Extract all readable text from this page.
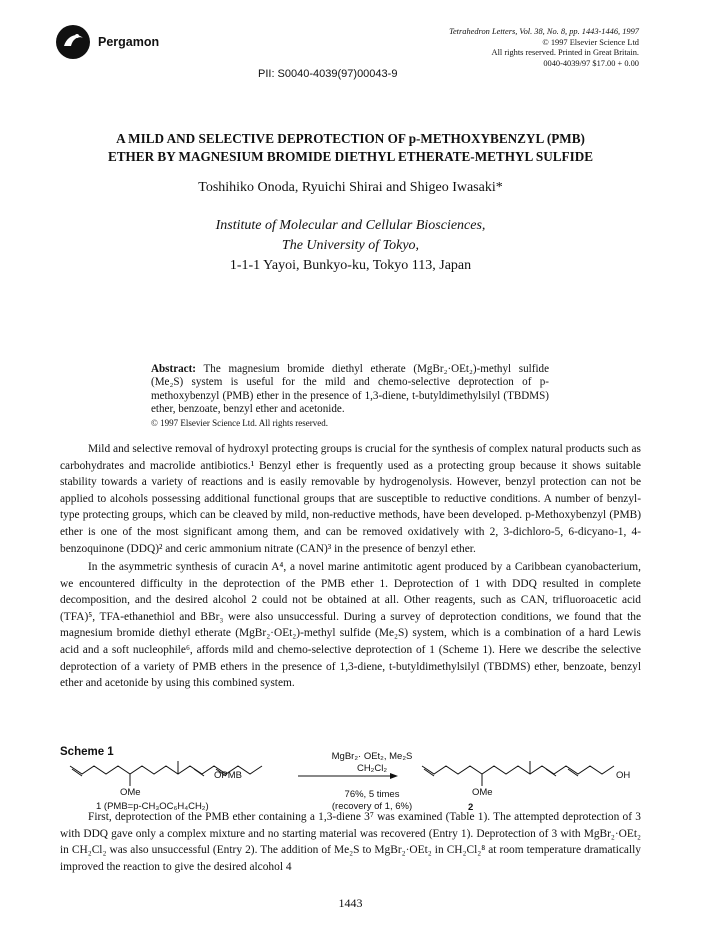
Pergamon
PII: S0040-4039(97)00043-9
Tetrahedron Letters, Vol. 38, No. 8, pp. 1443-1446, 1997
© 1997 Elsevier Science Ltd
All rights reserved. Printed in Great Britain.
0040-4039/97 $17.00 + 0.00
A MILD AND SELECTIVE DEPROTECTION OF p-METHOXYBENZYL (PMB)
ETHER BY MAGNESIUM BROMIDE DIETHYL ETHERATE-METHYL SULFIDE
Toshihiko Onoda, Ryuichi Shirai and Shigeo Iwasaki*
Institute of Molecular and Cellular Biosciences,
The University of Tokyo,
1-1-1 Yayoi, Bunkyo-ku, Tokyo 113, Japan
Abstract: The magnesium bromide diethyl etherate (MgBr₂·OEt₂)-methyl sulfide (Me₂S) system is useful for the mild and chemo-selective deprotection of p-methoxybenzyl (PMB) ether in the presence of 1,3-diene, t-butyldimethylsilyl (TBDMS) ether, benzoate, benzyl ether and acetonide.
© 1997 Elsevier Science Ltd. All rights reserved.

Mild and selective removal of hydroxyl protecting groups is crucial for the synthesis of complex natural products such as carbohydrates and macrolide antibiotics.¹ Benzyl ether is frequently used as a protecting group because it shows suitable stability towards a variety of reactions and is easily removable by hydrogenolysis. However, benzyl protection can not be applied to alcohols possessing additional functional groups that are susceptible to reductive conditions. A number of benzyl-type protecting groups, which can be cleaved by mild, non-reductive methods, have been developed. p-Methoxybenzyl (PMB) ether is one of the most significant among them, and can be removed oxidatively with 2, 3-dichloro-5, 6-dicyano-1, 4-benzoquinone (DDQ)² and ceric ammonium nitrate (CAN)³ in the presence of benzyl ether.

In the asymmetric synthesis of curacin A⁴, a novel marine antimitotic agent produced by a Caribbean cyanobacterium, we encountered difficulty in the deprotection of the PMB ether 1. Deprotection of 1 with DDQ resulted in complete decomposition, and the desired alcohol 2 could not be obtained at all. Other reagents, such as CAN, trifluoroacetic acid (TFA)⁵, TFA-ethanethiol and BBr₃ were also unsuccessful. During a survey of deprotection conditions, we found that the magnesium bromide diethyl etherate (MgBr₂·OEt₂)-methyl sulfide (Me₂S) system, which is a combination of a hard Lewis acid and a soft nucleophile⁶, affords mild and chemo-selective deprotection of 1 (Scheme 1). Here we describe the selective deprotection of a variety of PMB ethers in the presence of 1,3-diene, t-butyldimethylsilyl (TBDMS) ether, benzoate, benzyl ether and acetonide by using this combined system.

Scheme 1
OPMB	OH
OMe	OMe
MgBr₂· OEt₂, Me₂S
CH₂Cl₂
76%, 5 times
(recovery of 1, 6%)
1 (PMB=p-CH₃OC₆H₄CH₂)	2

First, deprotection of the PMB ether containing a 1,3-diene 3⁷ was examined (Table 1). The attempted deprotection of 3 with DDQ gave only a complex mixture and no starting material was recovered (Entry 1). Deprotection of 3 with MgBr₂·OEt₂ in CH₂Cl₂ was also unsuccessful (Entry 2). The addition of Me₂S to MgBr₂·OEt₂ in CH₂Cl₂⁸ at room temperature dramatically improved the reaction to give the desired alcohol 4

1443
